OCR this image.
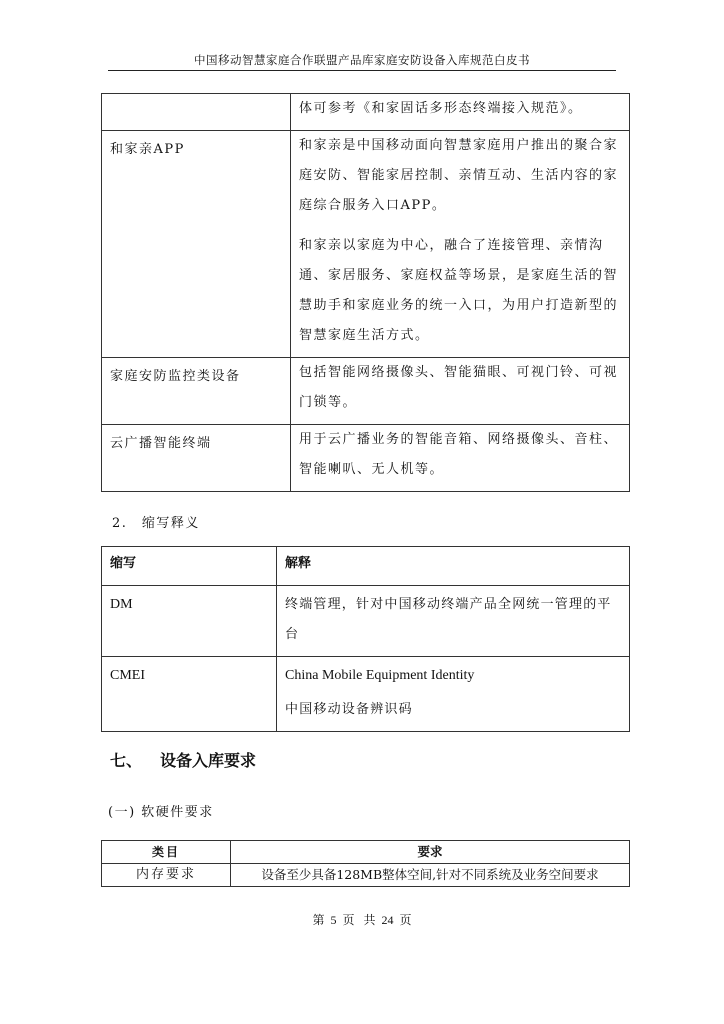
中国移动智慧家庭合作联盟产品库家庭安防设备入库规范白皮书

	体可参考《和家固话多形态终端接入规范》。

和家亲APP	和家亲是中国移动面向智慧家庭用户推出的聚合家庭安防、智能家居控制、亲情互动、生活内容的家庭综合服务入口APP。

和家亲以家庭为中心，融合了连接管理、亲情沟通、家居服务、家庭权益等场景，是家庭生活的智慧助手和家庭业务的统一入口，为用户打造新型的智慧家庭生活方式。

家庭安防监控类设备	包括智能网络摄像头、智能猫眼、可视门铃、可视门锁等。

云广播智能终端	用于云广播业务的智能音箱、网络摄像头、音柱、智能喇叭、无人机等。

2.　缩写释义
缩写	解释
DM	终端管理，针对中国移动终端产品全网统一管理的平台

CMEI	China Mobile Equipment Identity

中国移动设备辨识码

七、 设备入库要求
(一) 软硬件要求
类目	要求
内存要求	设备至少具备128MB整体空间,针对不同系统及业务空间要求
第 5 页 共 24 页
